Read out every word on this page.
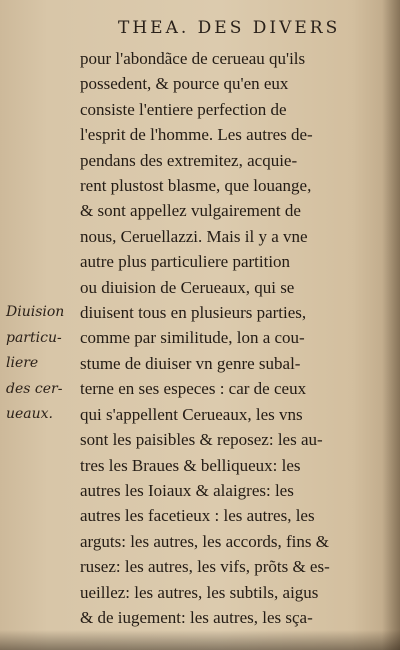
THEA. DES DIVERS
pour l'abondãce de cerueau qu'ils
possedent, & pource qu'en eux
consiste l'entiere perfection de
l'esprit de l'homme. Les autres de-
pendans des extremitez, acquie-
rent plustost blasme, que louange,
& sont appellez vulgairement de
nous, Ceruellazzi. Mais il y a vne
autre plus particuliere partition
ou diuision de Cerueaux, qui se
diuisent tous en plusieurs parties,
comme par similitude, lon a cou-
stume de diuiser vn genre subal-
terne en ses especes : car de ceux
qui s'appellent Cerueaux, les vns
sont les paisibles & reposez: les au-
tres les Braues & belliqueux: les
autres les Ioiaux & alaigres: les
autres les facetieux : les autres, les
arguts: les autres, les accords, fins &
rusez: les autres, les vifs, prõts & es-
ueillez: les autres, les subtils, aigus
& de iugement: les autres, les sça-
Diuision
particu-
liere
des cer-
ueaux.
